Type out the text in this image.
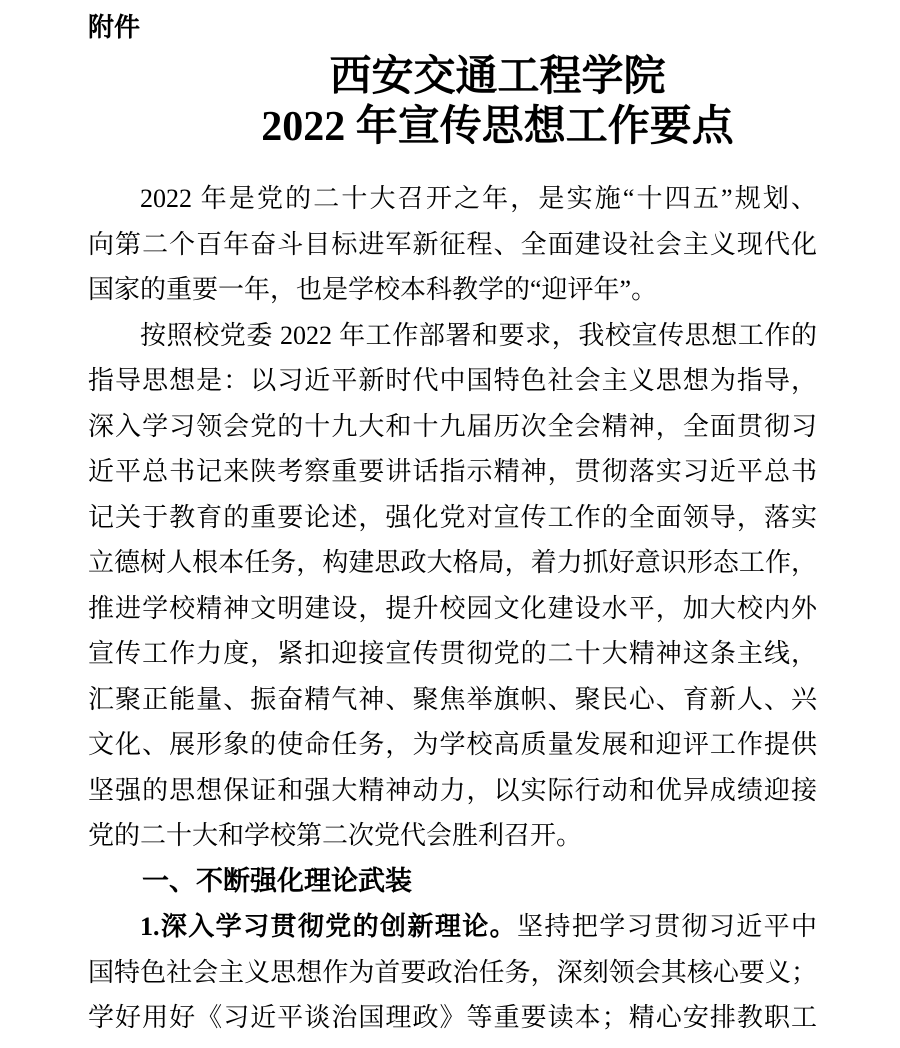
附件
西安交通工程学院
2022 年宣传思想工作要点
2022 年是党的二十大召开之年，是实施“十四五”规划、
向第二个百年奋斗目标进军新征程、全面建设社会主义现代化
国家的重要一年，也是学校本科教学的“迎评年”。
按照校党委 2022 年工作部署和要求，我校宣传思想工作的
指导思想是：以习近平新时代中国特色社会主义思想为指导，
深入学习领会党的十九大和十九届历次全会精神，全面贯彻习
近平总书记来陕考察重要讲话指示精神，贯彻落实习近平总书
记关于教育的重要论述，强化党对宣传工作的全面领导，落实
立德树人根本任务，构建思政大格局，着力抓好意识形态工作，
推进学校精神文明建设，提升校园文化建设水平，加大校内外
宣传工作力度，紧扣迎接宣传贯彻党的二十大精神这条主线，
汇聚正能量、振奋精气神、聚焦举旗帜、聚民心、育新人、兴
文化、展形象的使命任务，为学校高质量发展和迎评工作提供
坚强的思想保证和强大精神动力，以实际行动和优异成绩迎接
党的二十大和学校第二次党代会胜利召开。
一、不断强化理论武装
1.深入学习贯彻党的创新理论。坚持把学习贯彻习近平中
国特色社会主义思想作为首要政治任务，深刻领会其核心要义；
学好用好《习近平谈治国理政》等重要读本；精心安排教职工
